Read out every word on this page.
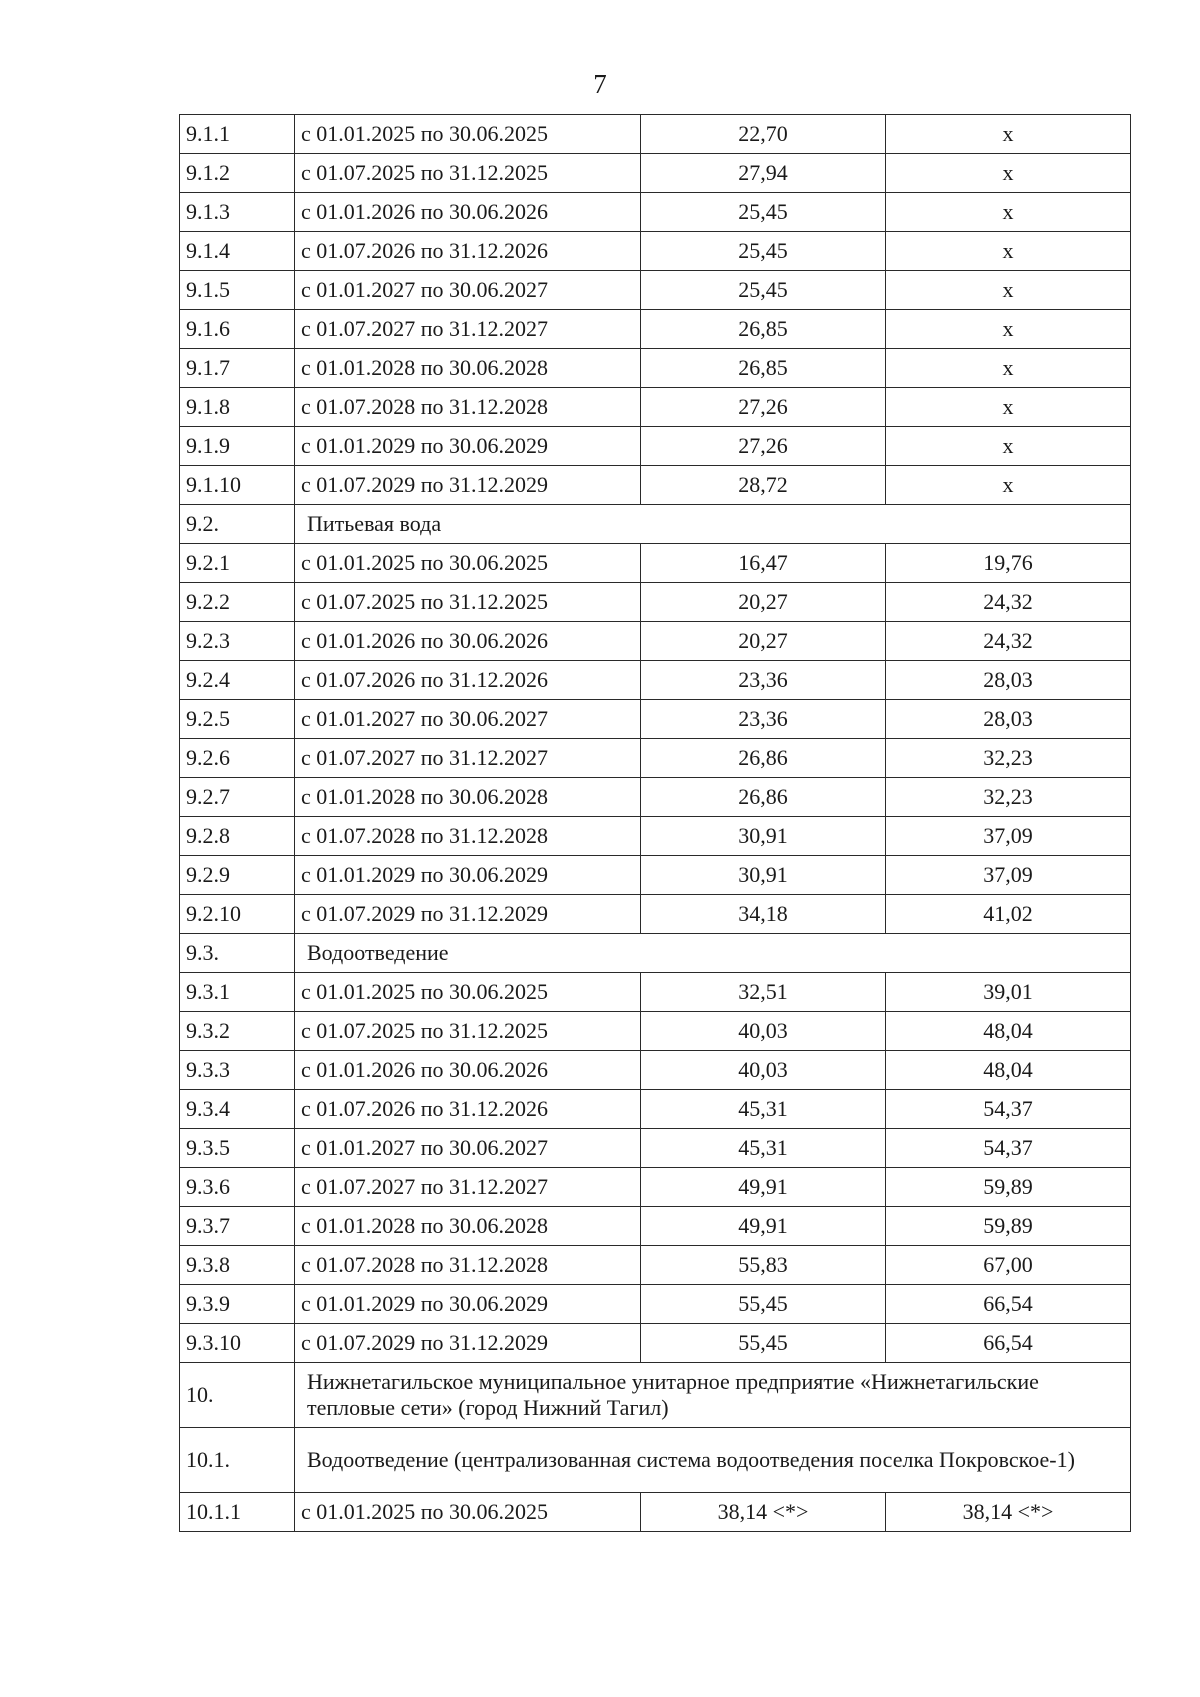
7
9.1.1	с 01.01.2025 по 30.06.2025	22,70	х
9.1.2	с 01.07.2025 по 31.12.2025	27,94	х
9.1.3	с 01.01.2026 по 30.06.2026	25,45	х
9.1.4	с 01.07.2026 по 31.12.2026	25,45	х
9.1.5	с 01.01.2027 по 30.06.2027	25,45	х
9.1.6	с 01.07.2027 по 31.12.2027	26,85	х
9.1.7	с 01.01.2028 по 30.06.2028	26,85	х
9.1.8	с 01.07.2028 по 31.12.2028	27,26	х
9.1.9	с 01.01.2029 по 30.06.2029	27,26	х
9.1.10	с 01.07.2029 по 31.12.2029	28,72	х
9.2.	Питьевая вода		
9.2.1	с 01.01.2025 по 30.06.2025	16,47	19,76
9.2.2	с 01.07.2025 по 31.12.2025	20,27	24,32
9.2.3	с 01.01.2026 по 30.06.2026	20,27	24,32
9.2.4	с 01.07.2026 по 31.12.2026	23,36	28,03
9.2.5	с 01.01.2027 по 30.06.2027	23,36	28,03
9.2.6	с 01.07.2027 по 31.12.2027	26,86	32,23
9.2.7	с 01.01.2028 по 30.06.2028	26,86	32,23
9.2.8	с 01.07.2028 по 31.12.2028	30,91	37,09
9.2.9	с 01.01.2029 по 30.06.2029	30,91	37,09
9.2.10	с 01.07.2029 по 31.12.2029	34,18	41,02
9.3.	Водоотведение		
9.3.1	с 01.01.2025 по 30.06.2025	32,51	39,01
9.3.2	с 01.07.2025 по 31.12.2025	40,03	48,04
9.3.3	с 01.01.2026 по 30.06.2026	40,03	48,04
9.3.4	с 01.07.2026 по 31.12.2026	45,31	54,37
9.3.5	с 01.01.2027 по 30.06.2027	45,31	54,37
9.3.6	с 01.07.2027 по 31.12.2027	49,91	59,89
9.3.7	с 01.01.2028 по 30.06.2028	49,91	59,89
9.3.8	с 01.07.2028 по 31.12.2028	55,83	67,00
9.3.9	с 01.01.2029 по 30.06.2029	55,45	66,54
9.3.10	с 01.07.2029 по 31.12.2029	55,45	66,54
10.	Нижнетагильское муниципальное унитарное предприятие «Нижнетагильские тепловые сети» (город Нижний Тагил)		
10.1.	Водоотведение (централизованная система водоотведения поселка Покровское-1)		
10.1.1	с 01.01.2025 по 30.06.2025	38,14 <*>	38,14 <*>
